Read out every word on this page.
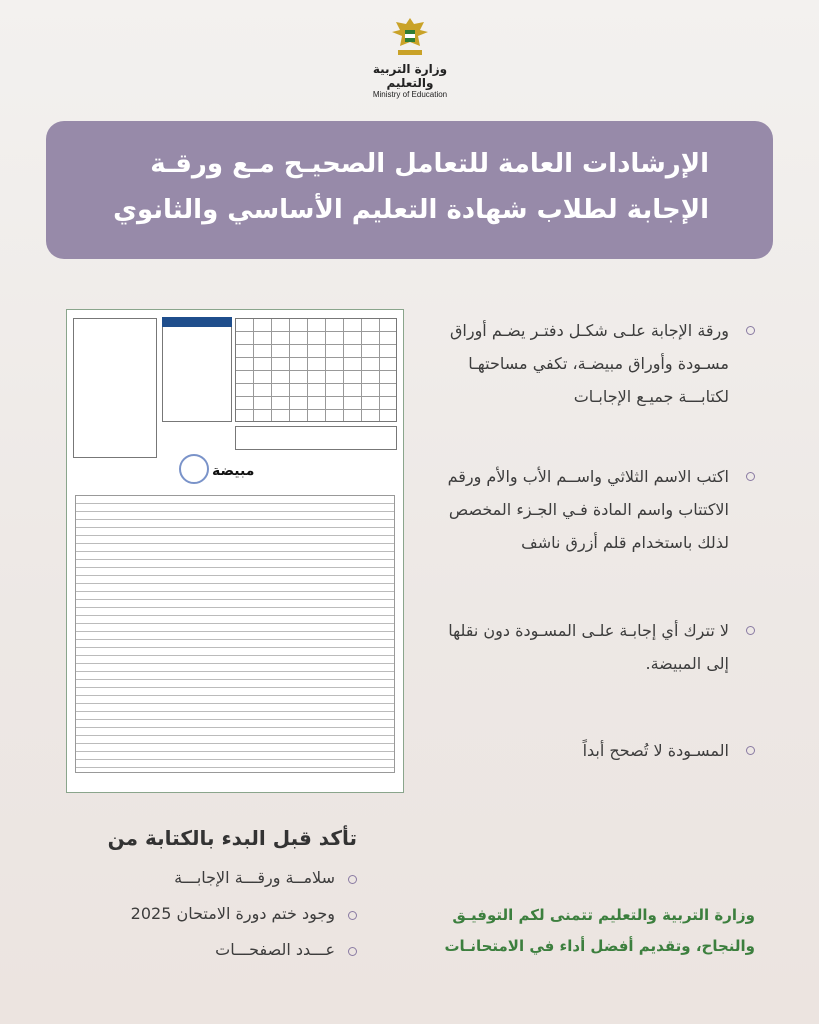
وزارة التربية والتعليم
Ministry of Education
الإرشادات العامة للتعامل الصحيـح مـع ورقـة
الإجابة لطلاب شهادة التعليم الأساسي والثانوي
مبيضة
ورقة الإجابة علـى شكـل دفتـر يضـم أوراق مسـودة وأوراق مبيضـة، تكفي مساحتهـا لكتابـــة جميـع الإجابـات
اكتب الاسم الثلاثي واســم الأب والأم ورقم الاكتتاب واسم المادة فـي الجـزء المخصص لذلك باستخدام قلم أزرق ناشف
لا تترك أي إجابـة علـى المسـودة دون نقلها إلى المبيضة.
المسـودة لا تُصحح أبداً
تأكد قبل البدء بالكتابة من
سلامــة ورقـــة الإجابـــة
وجود ختم دورة الامتحان 2025
عـــدد الصفحـــات
وزارة التربية والتعليم تتمنى لكم التوفيـق
والنجاح، وتقديم أفضل أداء في الامتحانـات
